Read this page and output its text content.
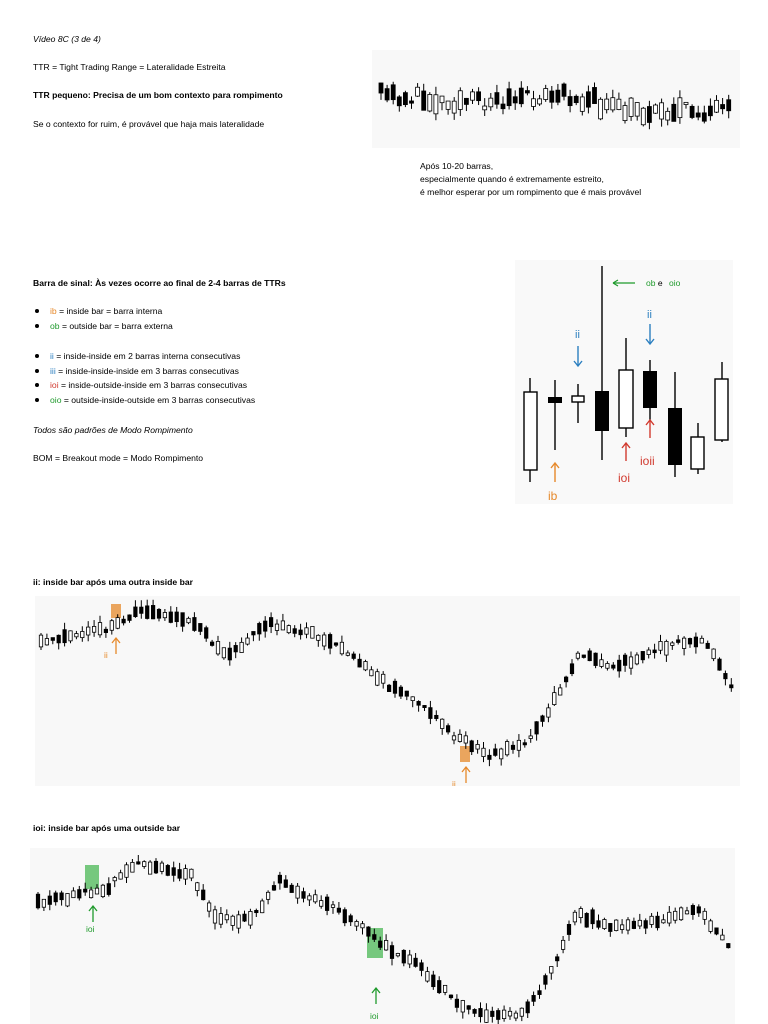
Vídeo 8C (3 de 4)
TTR = Tight Trading Range = Lateralidade Estreita
TTR pequeno: Precisa de um bom contexto para rompimento
Se o contexto for ruim, é provável que haja mais lateralidade
Após 10-20 barras,
especialmente quando é extremamente estreito,
é melhor esperar por um rompimento que é mais provável
Barra de sinal: Às vezes ocorre ao final de 2-4 barras de TTRs
ib = inside bar = barra interna
ob = outside bar = barra externa
ii = inside-inside em 2 barras interna consecutivas
iii = inside-inside-inside em 3 barras consecutivas
ioi = inside-outside-inside em 3 barras consecutivas
oio = outside-inside-outside em 3 barras consecutivas
Todos são padrões de Modo Rompimento
BOM = Breakout mode = Modo Rompimento
ob e oio
ii
ii
ib
ioi
ioii
ii: inside bar após uma outra inside bar
ii
ii
ioi: inside bar após uma outside bar
ioi
ioi
